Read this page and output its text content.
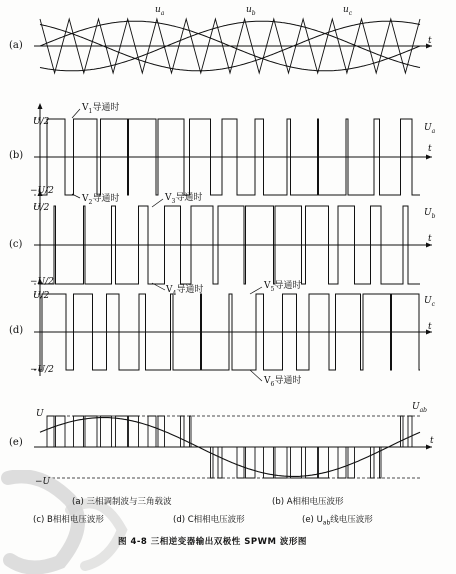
(a)
(b)
(c)
(d)
(e)
$u_a$	$u_b$	$u_c$
t
U/2
−U/2
t
$U_a$
$V_1$导通时
$V_2$导通时
U/2
−U/2
t
$U_b$
$V_3$导通时
$V_4$导通时
U/2
−U/2
t
$U_c$
$V_5$导通时
$V_6$导通时
U
−U
t
$U_{ab}$
(a) 三相调制波与三角载波	(b) A相相电压波形
(c) B相相电压波形	(d) C相相电压波形	(e) $U_{ab}$线电压波形
图 4-8 三相逆变器输出双极性 SPWM 波形图
